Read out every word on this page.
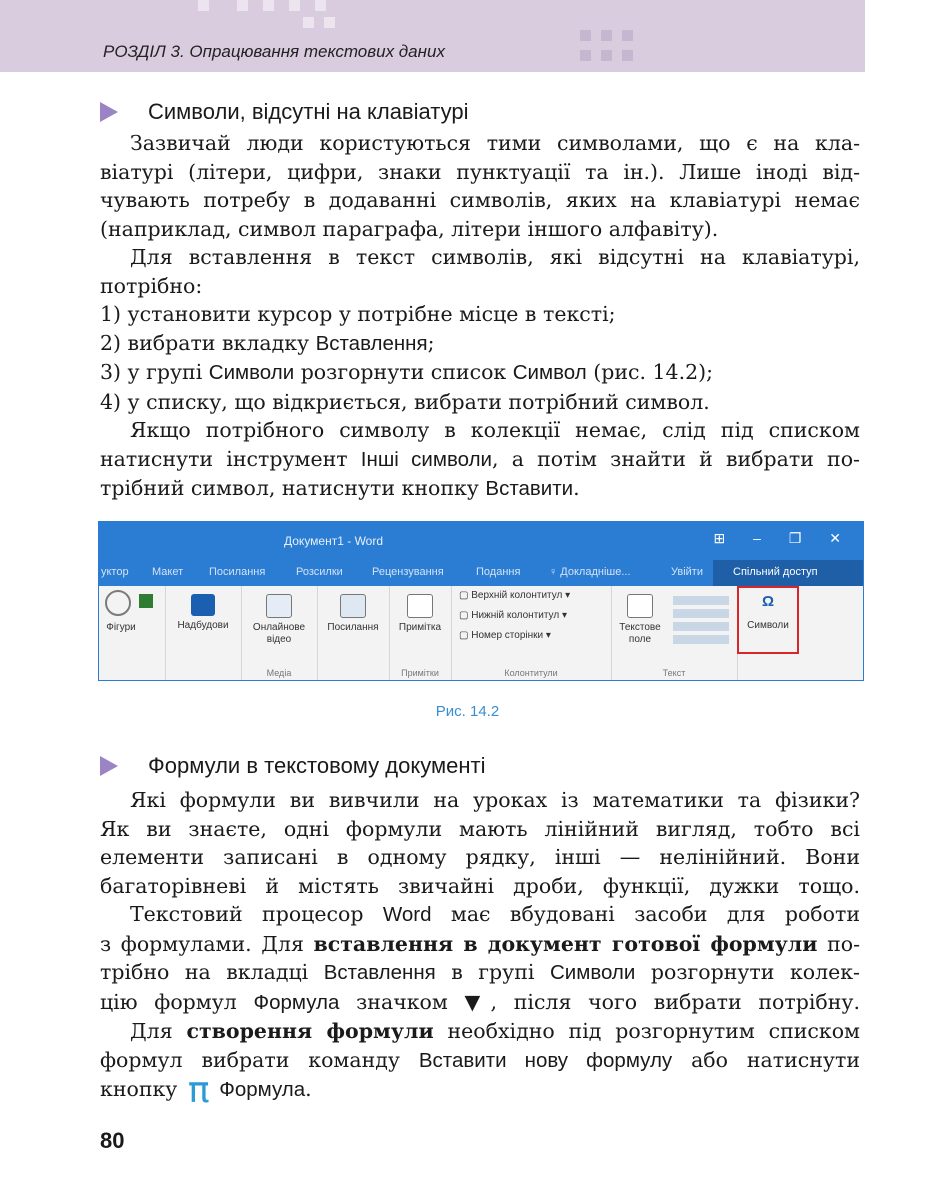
РОЗДІЛ 3. Опрацювання текстових даних
Символи, відсутні на клавіатурі
Зазвичай люди користуються тими символами, що є на кла-
віатурі (літери, цифри, знаки пунктуації та ін.). Лише іноді від-
чувають потребу в додаванні символів, яких на клавіатурі немає
(наприклад, символ параграфа, літери іншого алфавіту).
Для вставлення в текст символів, які відсутні на клавіатурі,
потрібно:
1) установити курсор у потрібне місце в тексті;
2) вибрати вкладку Вставлення;
3) у групі Символи розгорнути список Символ (рис. 14.2);
4) у списку, що відкриється, вибрати потрібний символ.
Якщо потрібного символу в колекції немає, слід під списком
натиснути інструмент Інші символи, а потім знайти й вибрати по-
трібний символ, натиснути кнопку Вставити.
Документ1 - Word	⊞ – ❐ ✕
уктор Макет Посилання	Розсилки	Рецензування	Подання	♀ Докладніше...	Увійти	Спільний доступ
Фігури	Надбудови	Онлайнове відео
Медіа
Посилання	Примітка
Примітки
▢ Верхній колонтитул ▾
▢ Нижній колонтитул ▾
▢ Номер сторінки ▾
Колонтитули
Текстове поле
Текст
Ω
Символи
Рис. 14.2
Формули в текстовому документі
Які формули ви вивчили на уроках із математики та фізики?
Як ви знаєте, одні формули мають лінійний вигляд, тобто всі
елементи записані в одному рядку, інші — нелінійний. Вони
багаторівневі й містять звичайні дроби, функції, дужки тощо.
Текстовий процесор Word має вбудовані засоби для роботи
з формулами. Для вставлення в документ готової формули по-
трібно на вкладці Вставлення в групі Символи розгорнути колек-
цію формул Формула значком ▼, після чого вибрати потрібну.
Для створення формули необхідно під розгорнутим списком
формул вибрати команду Вставити нову формулу або натиснути
кнопку π Формула.
80
